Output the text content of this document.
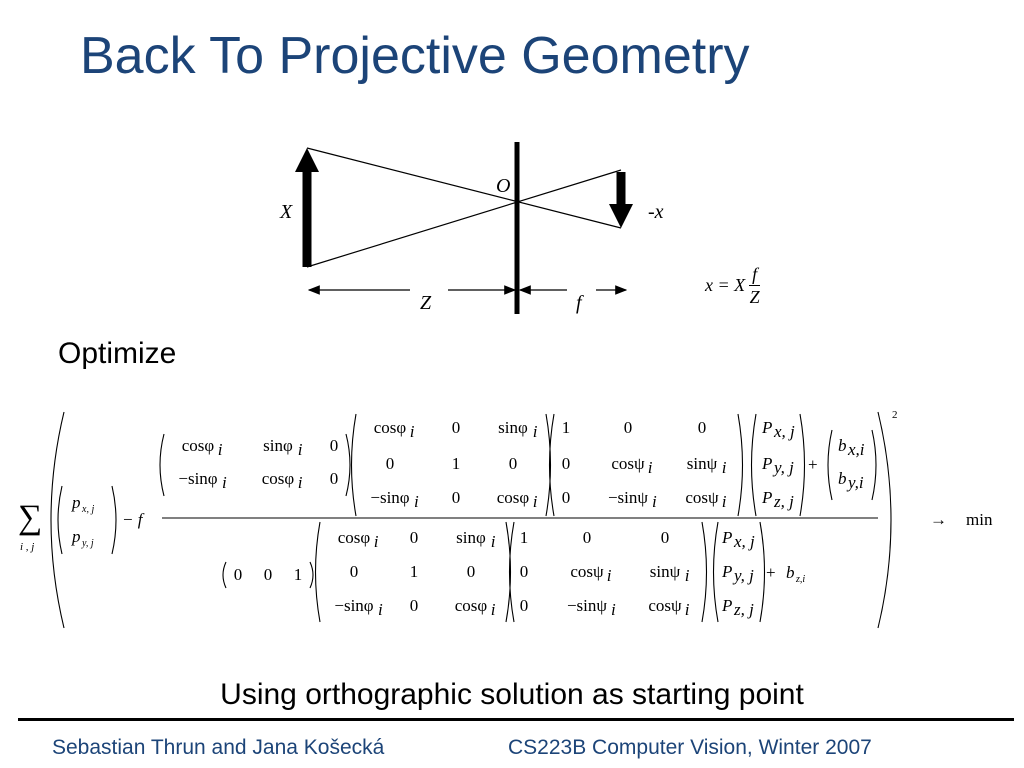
Back To Projective Geometry
X
O
-x
Z	f
x = X $\frac{f}{Z}$
Optimize
∑
i , j
p x, j
p y, j
− f
2
→ min
cosφ i sinφ i 0
−sinφ i cosφ i 0
cosφ i 0 sinφ i
0	1	0
−sinφ i 0 cosφ i
1	0	0
0 cosψ i sinψ i
0 −sinψ i cosψ i
P x, j
P y, j
P z, j
+
b x,i
b y,i
0 0 1
cosφ i 0 sinφ i
0	1	0
−sinφ i 0 cosφ i
1	0	0
0 cosψ i sinψ i
0 −sinψ i cosψ i
P x, j
P y, j
P z, j
+ b z,i
Using orthographic solution as starting point
Sebastian Thrun and Jana Košecká	CS223B Computer Vision, Winter 2007
